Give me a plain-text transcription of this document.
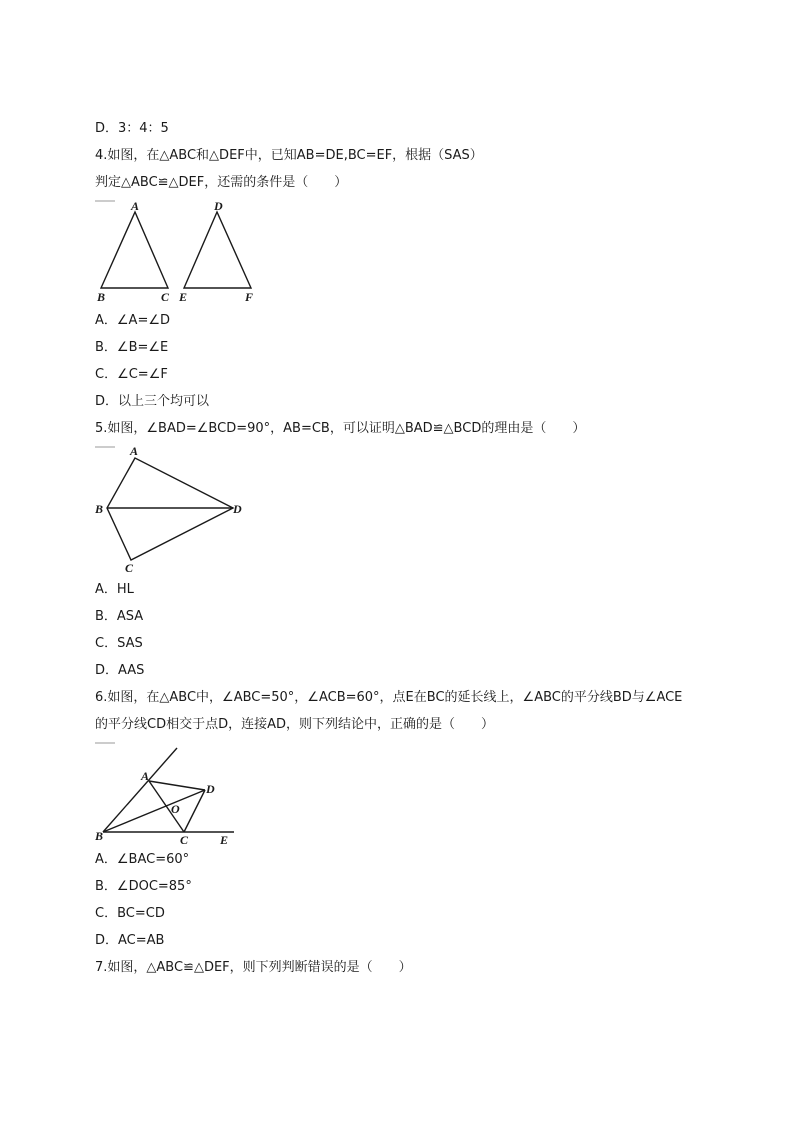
D．3：4：5
4.如图，在△ABC和△DEF中，已知AB=DE,BC=EF，根据（SAS）
判定△ABC≌△DEF，还需的条件是（　　）
A
B	C
D
E	F
A．∠A=∠D
B．∠B=∠E
C．∠C=∠F
D．以上三个均可以
5.如图，∠BAD=∠BCD=90°，AB=CB，可以证明△BAD≌△BCD的理由是（　　）
A
B
C
D
A．HL
B．ASA
C．SAS
D．AAS
6.如图，在△ABC中，∠ABC=50°，∠ACB=60°，点E在BC的延长线上，∠ABC的平分线BD与∠ACE
的平分线CD相交于点D，连接AD，则下列结论中，正确的是（　　）
A
B	C
D
O
E
A．∠BAC=60°
B．∠DOC=85°
C．BC=CD
D．AC=AB
7.如图，△ABC≌△DEF，则下列判断错误的是（　　）
